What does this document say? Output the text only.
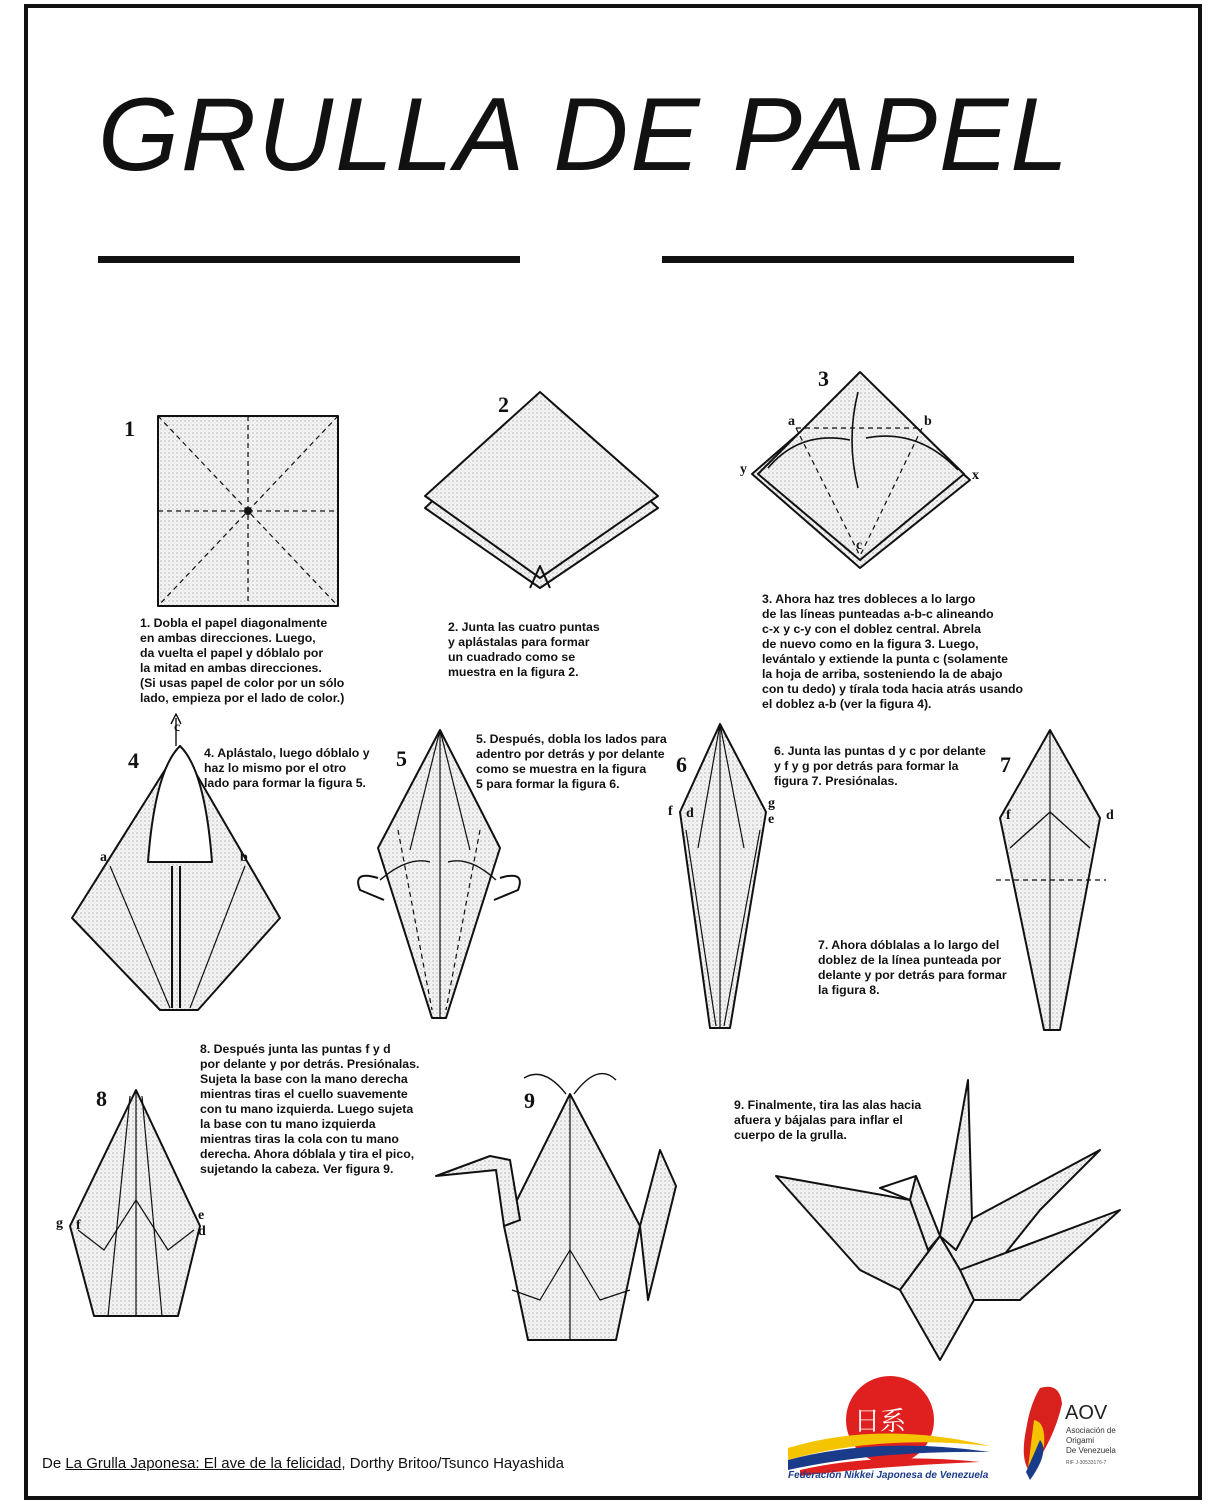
GRULLA DE PAPEL
1
2
3
4	5	6	7
8	9
a	b
c
y	x
c
a	b
f d
g
e	f	d
g f
e
d
1. Dobla el papel diagonalmente
en ambas direcciones. Luego,
da vuelta el papel y dóblalo por
la mitad en ambas direcciones.
(Si usas papel de color por un sólo
lado, empieza por el lado de color.)
2. Junta las cuatro puntas
y aplástalas para formar
un cuadrado como se
muestra en la figura 2.
3. Ahora haz tres dobleces a lo largo
de las líneas punteadas a-b-c alineando
c-x y c-y con el doblez central. Abrela
de nuevo como en la figura 3. Luego,
levántalo y extiende la punta c (solamente
la hoja de arriba, sosteniendo la de abajo
con tu dedo) y tírala toda hacia atrás usando
el doblez a-b (ver la figura 4).
4. Aplástalo, luego dóblalo y
haz lo mismo por el otro
lado para formar la figura 5.
5. Después, dobla los lados para
adentro por detrás y por delante
como se muestra en la figura
5 para formar la figura 6.
6. Junta las puntas d y c por delante
y f y g por detrás para formar la
figura 7. Presiónalas.
7. Ahora dóblalas a lo largo del
doblez de la línea punteada por
delante y por detrás para formar
la figura 8.
8. Después junta las puntas f y d
por delante y por detrás. Presiónalas.
Sujeta la base con la mano derecha
mientras tiras el cuello suavemente
con tu mano izquierda. Luego sujeta
la base con tu mano izquierda
mientras tiras la cola con tu mano
derecha. Ahora dóblala y tira el pico,
sujetando la cabeza. Ver figura 9.
9. Finalmente, tira las alas hacia
afuera y bájalas para inflar el
cuerpo de la grulla.
De La Grulla Japonesa: El ave de la felicidad, Dorthy Britoo/Tsunco Hayashida
日系
Federación Nikkei Japonesa de Venezuela
AOV
Asociación de
Origami
De Venezuela
RIF J-30533176-7
